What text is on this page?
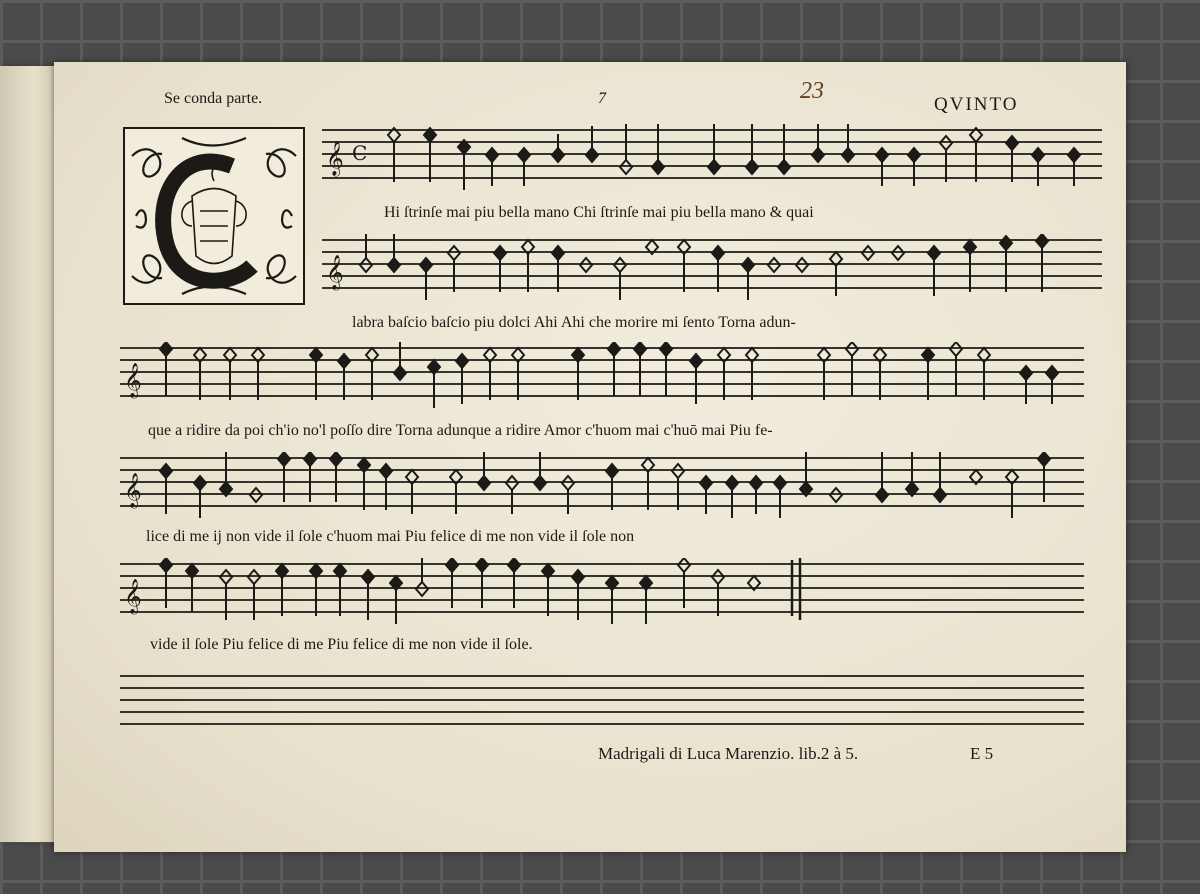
Se conda parte.	7	23
QVINTO
𝄞 C
Hi ſtrinſe mai piu bella mano Chi ſtrinſe mai piu bella mano & quai
𝄞
labra baſcio baſcio piu dolci Ahi Ahi che morire mi ſento Torna adun-
𝄞
que a ridire da poi ch'io no'l poſſo dire Torna adunque a ridire Amor c'huom mai c'huō mai Piu fe-
𝄞
lice di me ij non vide il ſole c'huom mai Piu felice di me non vide il ſole non
𝄞
vide il ſole Piu felice di me Piu felice di me non vide il ſole.
Madrigali di Luca Marenzio. lib.2 à 5.	E 5
